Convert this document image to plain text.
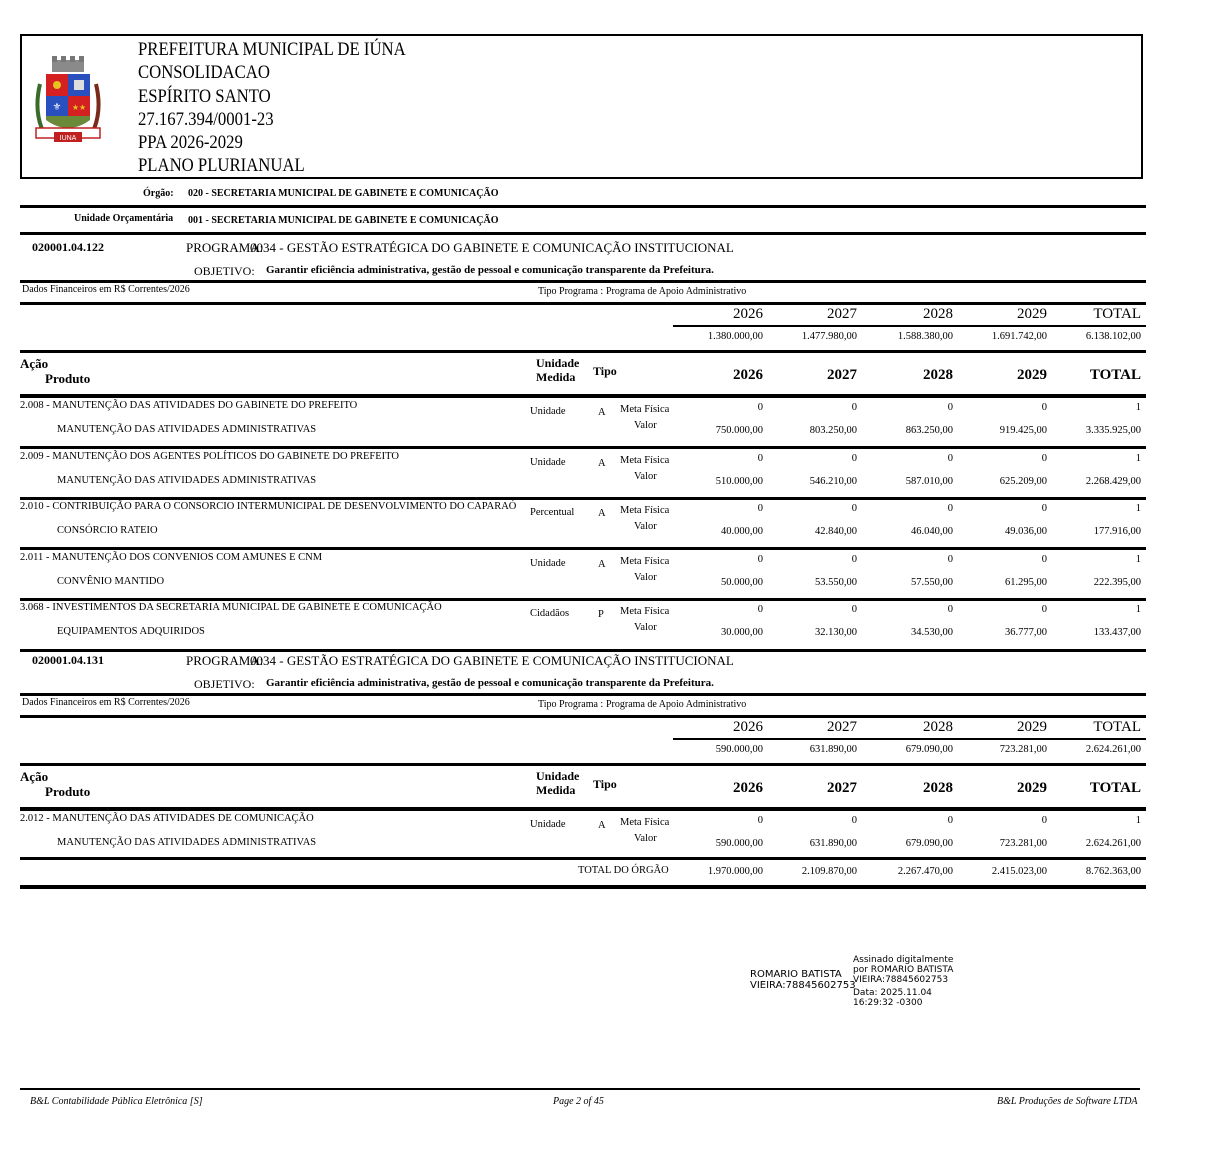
⚜ ★★
IUNA
PREFEITURA MUNICIPAL DE IÚNA
CONSOLIDACAO
ESPÍRITO SANTO
27.167.394/0001-23
PPA 2026-2029
PLANO PLURIANUAL
Órgão: 020 - SECRETARIA MUNICIPAL DE GABINETE E COMUNICAÇÃO
Unidade Orçamentária 001 - SECRETARIA MUNICIPAL DE GABINETE E COMUNICAÇÃO
020001.04.122	PROGRAMA:
0034 - GESTÃO ESTRATÉGICA DO GABINETE E COMUNICAÇÃO INSTITUCIONAL
OBJETIVO: Garantir eficiência administrativa, gestão de pessoal e comunicação transparente da Prefeitura.
Dados Financeiros em R$ Correntes/2026	Tipo Programa : Programa de Apoio Administrativo
2026	2027	2028	2029	TOTAL
1.380.000,00	1.477.980,00	1.588.380,00	1.691.742,00	6.138.102,00
Ação
Produto
Unidade
Medida	Tipo	2026	2027	2028	2029	TOTAL
2.008 - MANUTENÇÃO DAS ATIVIDADES DO GABINETE DO PREFEITO
MANUTENÇÃO DAS ATIVIDADES ADMINISTRATIVAS
Unidade	A Meta Física
Valor
0	0	0	0	1
750.000,00	803.250,00	863.250,00	919.425,00	3.335.925,00
2.009 - MANUTENÇÃO DOS AGENTES POLÍTICOS DO GABINETE DO PREFEITO
MANUTENÇÃO DAS ATIVIDADES ADMINISTRATIVAS
Unidade	A Meta Física
Valor
0	0	0	0	1
510.000,00	546.210,00	587.010,00	625.209,00	2.268.429,00
2.010 - CONTRIBUIÇÃO PARA O CONSORCIO INTERMUNICIPAL DE DESENVOLVIMENTO DO CAPARAÓ
CONSÓRCIO RATEIO
Percentual A Meta Física
Valor
0	0	0	0	1
40.000,00	42.840,00	46.040,00	49.036,00	177.916,00
2.011 - MANUTENÇÃO DOS CONVENIOS COM AMUNES E CNM
CONVÊNIO MANTIDO
Unidade	A Meta Física
Valor
0	0	0	0	1
50.000,00	53.550,00	57.550,00	61.295,00	222.395,00
3.068 - INVESTIMENTOS DA SECRETARIA MUNICIPAL DE GABINETE E COMUNICAÇÃO
EQUIPAMENTOS ADQUIRIDOS
Cidadãos	P Meta Física
Valor
0	0	0	0	1
30.000,00	32.130,00	34.530,00	36.777,00	133.437,00
020001.04.131	PROGRAMA:
0034 - GESTÃO ESTRATÉGICA DO GABINETE E COMUNICAÇÃO INSTITUCIONAL
OBJETIVO: Garantir eficiência administrativa, gestão de pessoal e comunicação transparente da Prefeitura.
Dados Financeiros em R$ Correntes/2026	Tipo Programa : Programa de Apoio Administrativo
2026	2027	2028	2029	TOTAL
590.000,00	631.890,00	679.090,00	723.281,00	2.624.261,00
Ação
Produto
Unidade
Medida	Tipo	2026	2027	2028	2029	TOTAL
2.012 - MANUTENÇÃO DAS ATIVIDADES DE COMUNICAÇÃO
MANUTENÇÃO DAS ATIVIDADES ADMINISTRATIVAS
Unidade	A Meta Física
Valor
0	0	0	0	1
590.000,00	631.890,00	679.090,00	723.281,00	2.624.261,00
TOTAL DO ÓRGÃO	1.970.000,00	2.109.870,00	2.267.470,00	2.415.023,00	8.762.363,00
ROMARIO BATISTA
VIEIRA:78845602753
Assinado digitalmente
por ROMARIO BATISTA
VIEIRA:78845602753
Data: 2025.11.04
16:29:32 -0300
B&L Contabilidade Pública Eletrônica [S]	Page 2 of 45	B&L Produções de Software LTDA
